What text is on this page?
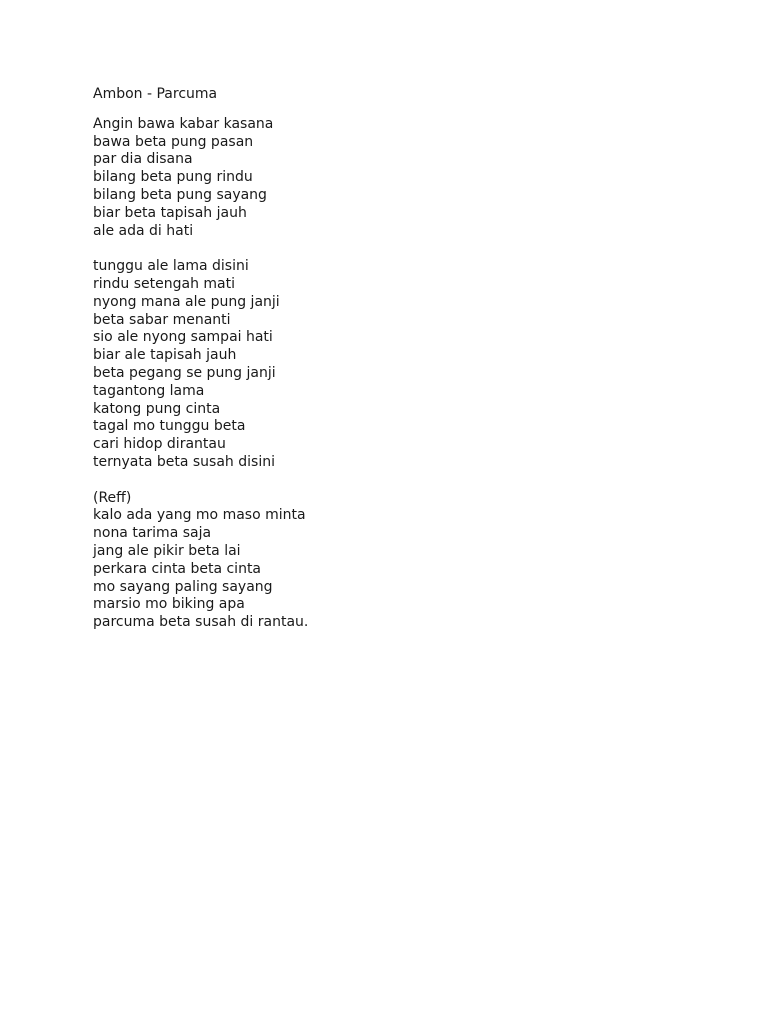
Ambon - Parcuma
Angin bawa kabar kasana
bawa beta pung pasan
par dia disana
bilang beta pung rindu
bilang beta pung sayang
biar beta tapisah jauh
ale ada di hati
tunggu ale lama disini
rindu setengah mati
nyong mana ale pung janji
beta sabar menanti
sio ale nyong sampai hati
biar ale tapisah jauh
beta pegang se pung janji
tagantong lama
katong pung cinta
tagal mo tunggu beta
cari hidop dirantau
ternyata beta susah disini
(Reff)
kalo ada yang mo maso minta
nona tarima saja
jang ale pikir beta lai
perkara cinta beta cinta
mo sayang paling sayang
marsio mo biking apa
parcuma beta susah di rantau.
